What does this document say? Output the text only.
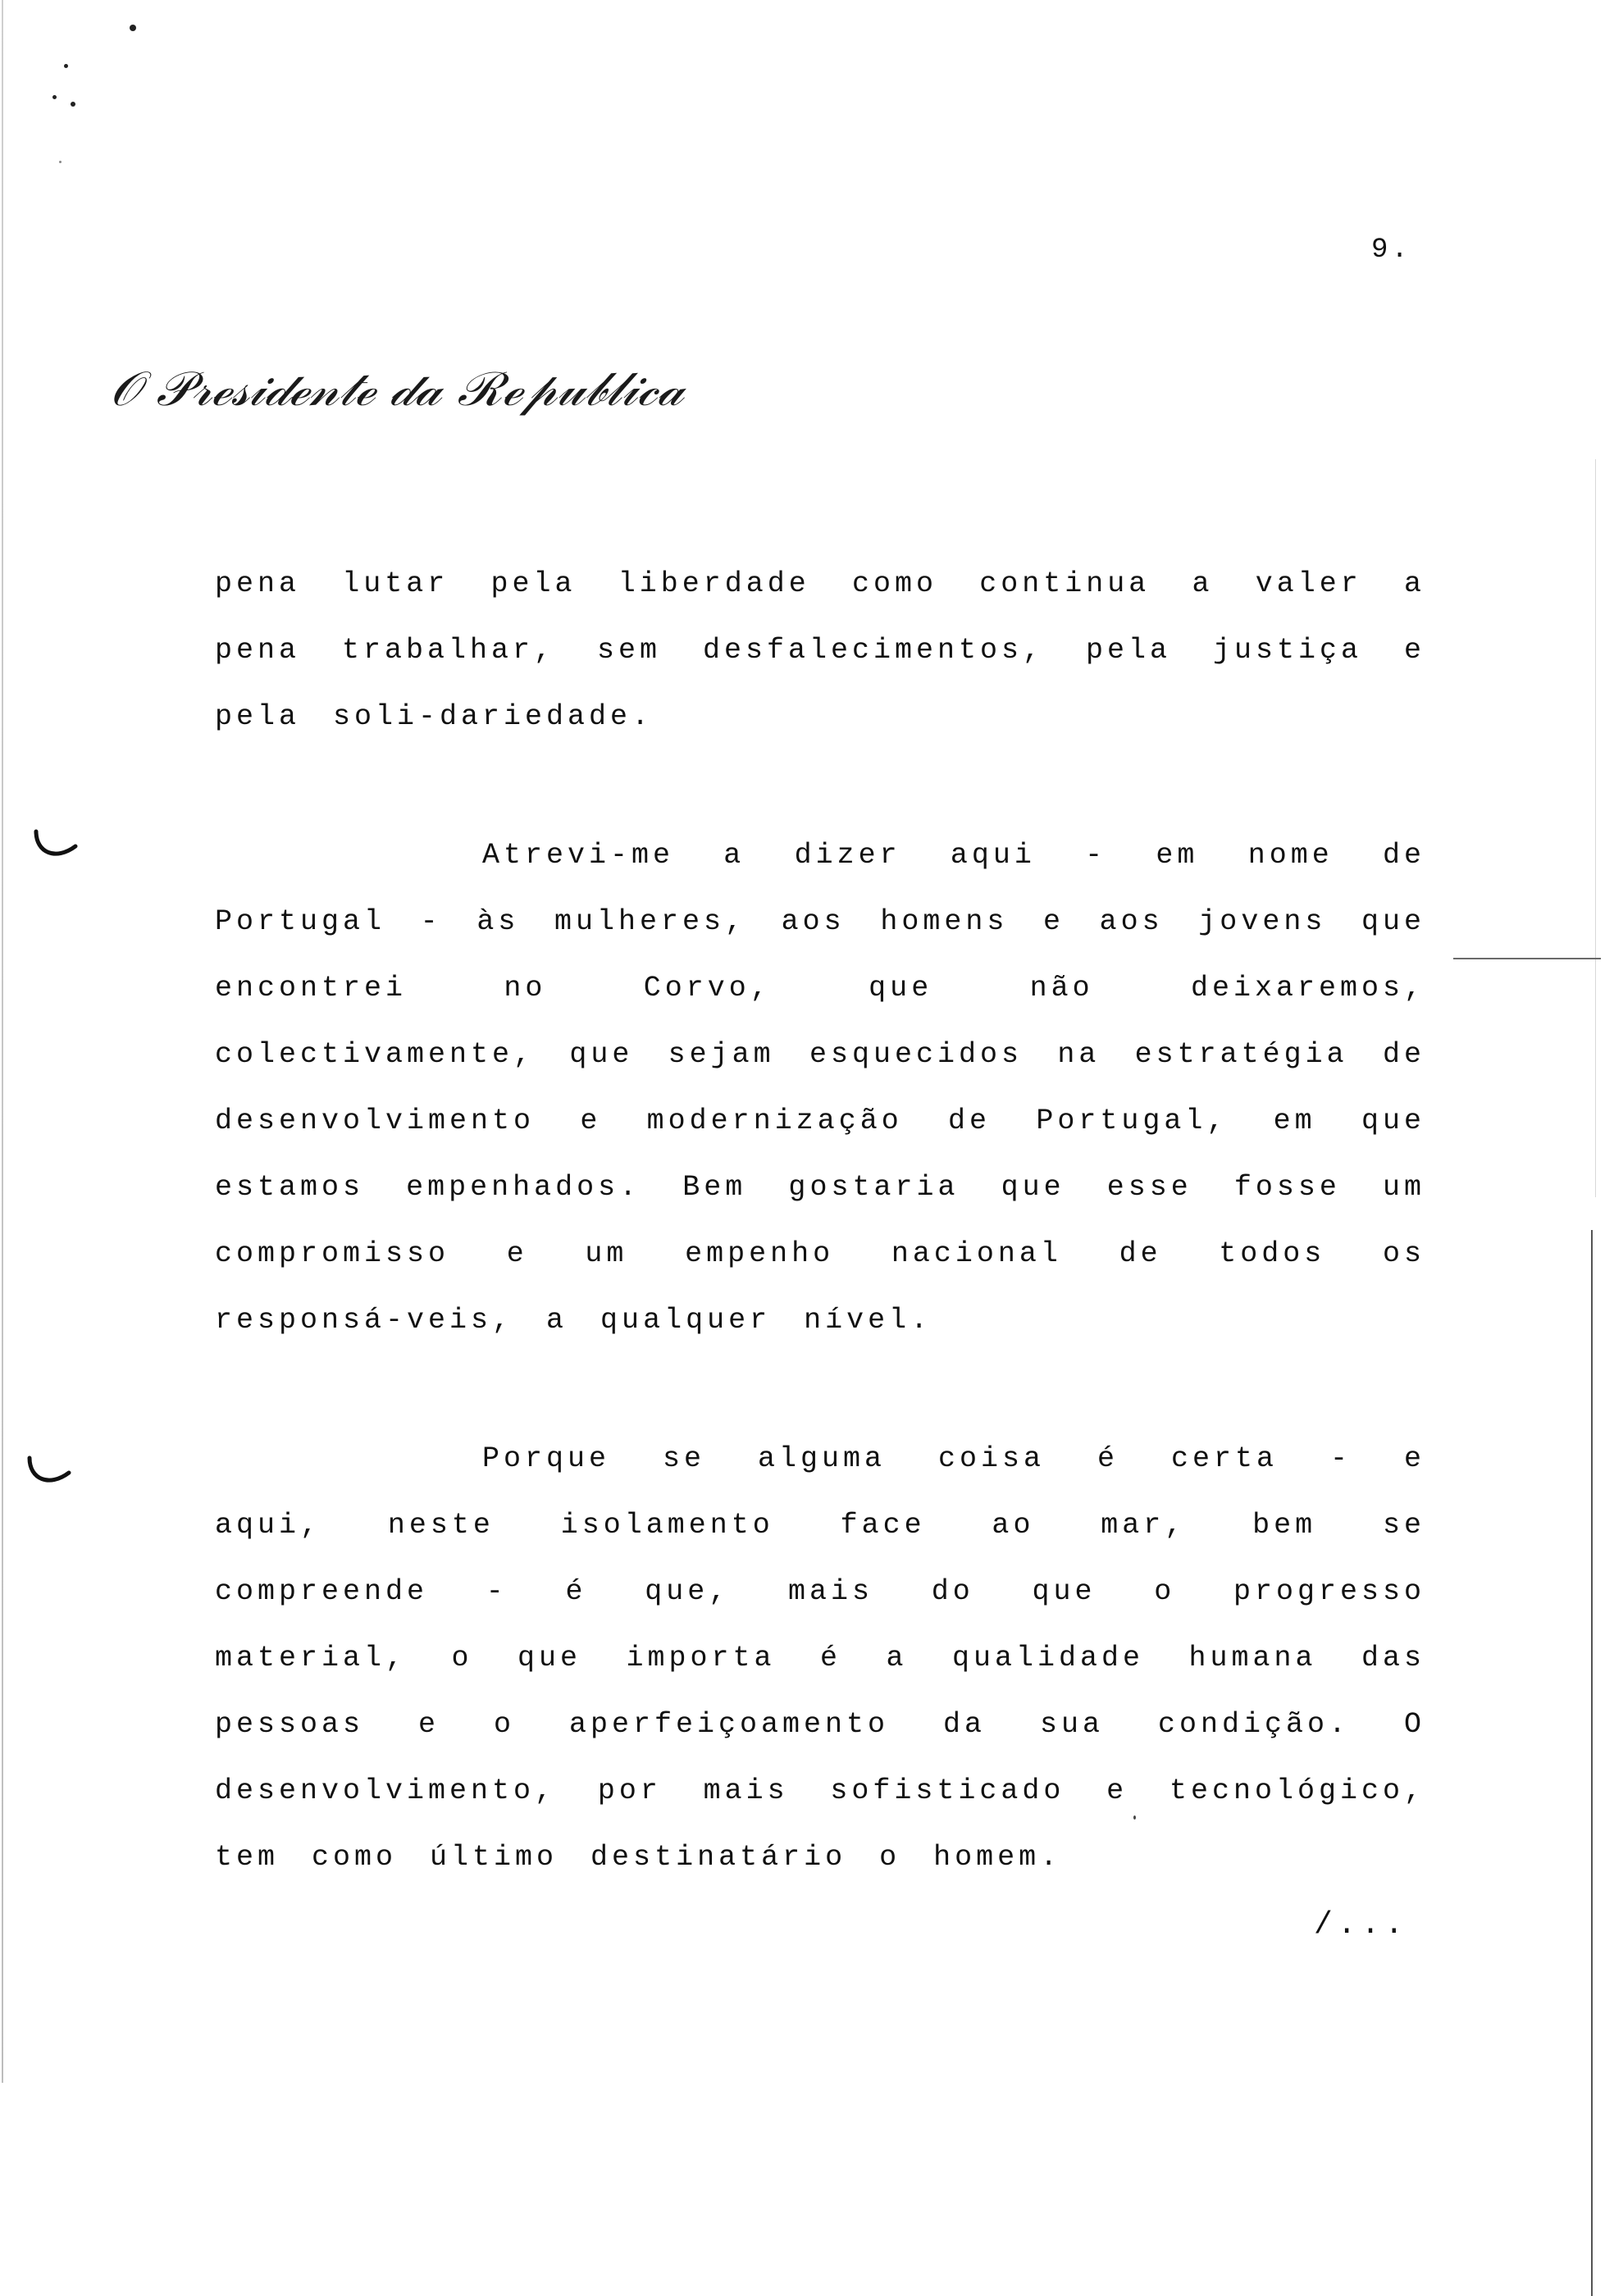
9.
𝒪 𝒫𝓇ℯ𝓈𝒾𝒹ℯ𝓃𝓉ℯ 𝒹𝒶 ℛℯ𝓅𝓊𝒷𝓁𝒾𝒸𝒶

pena lutar pela liberdade como continua a valer a pena trabalhar, sem desfalecimentos, pela justiça e pela soli-dariedade.

Atrevi-me a dizer aqui - em nome de Portugal - às mulheres, aos homens e aos jovens que encontrei no Corvo, que não deixaremos, colectivamente, que sejam esquecidos na estratégia de desenvolvimento e modernização de Portugal, em que estamos empenhados. Bem gostaria que esse fosse um compromisso e um empenho nacional de todos os responsá-veis, a qualquer nível.

Porque se alguma coisa é certa - e aqui, neste isolamento face ao mar, bem se compreende - é que, mais do que o progresso material, o que importa é a qualidade humana das pessoas e o aperfeiçoamento da sua condição. O desenvolvimento, por mais sofisticado e tecnológico, tem como último destinatário o homem.

/...
